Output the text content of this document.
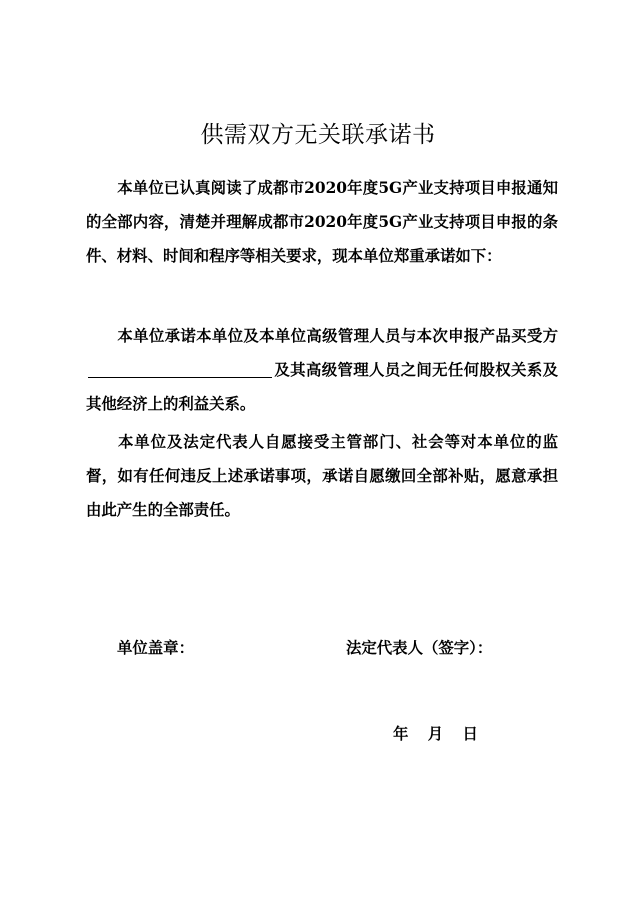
供需双方无关联承诺书
本单位已认真阅读了成都市2020年度5G产业支持项目申报通知的全部内容，清楚并理解成都市2020年度5G产业支持项目申报的条件、材料、时间和程序等相关要求，现本单位郑重承诺如下：
本单位承诺本单位及本单位高级管理人员与本次申报产品买受方及其高级管理人员之间无任何股权关系及其他经济上的利益关系。
本单位及法定代表人自愿接受主管部门、社会等对本单位的监督，如有任何违反上述承诺事项，承诺自愿缴回全部补贴，愿意承担由此产生的全部责任。
单位盖章：	法定代表人（签字）：
年 月 日
